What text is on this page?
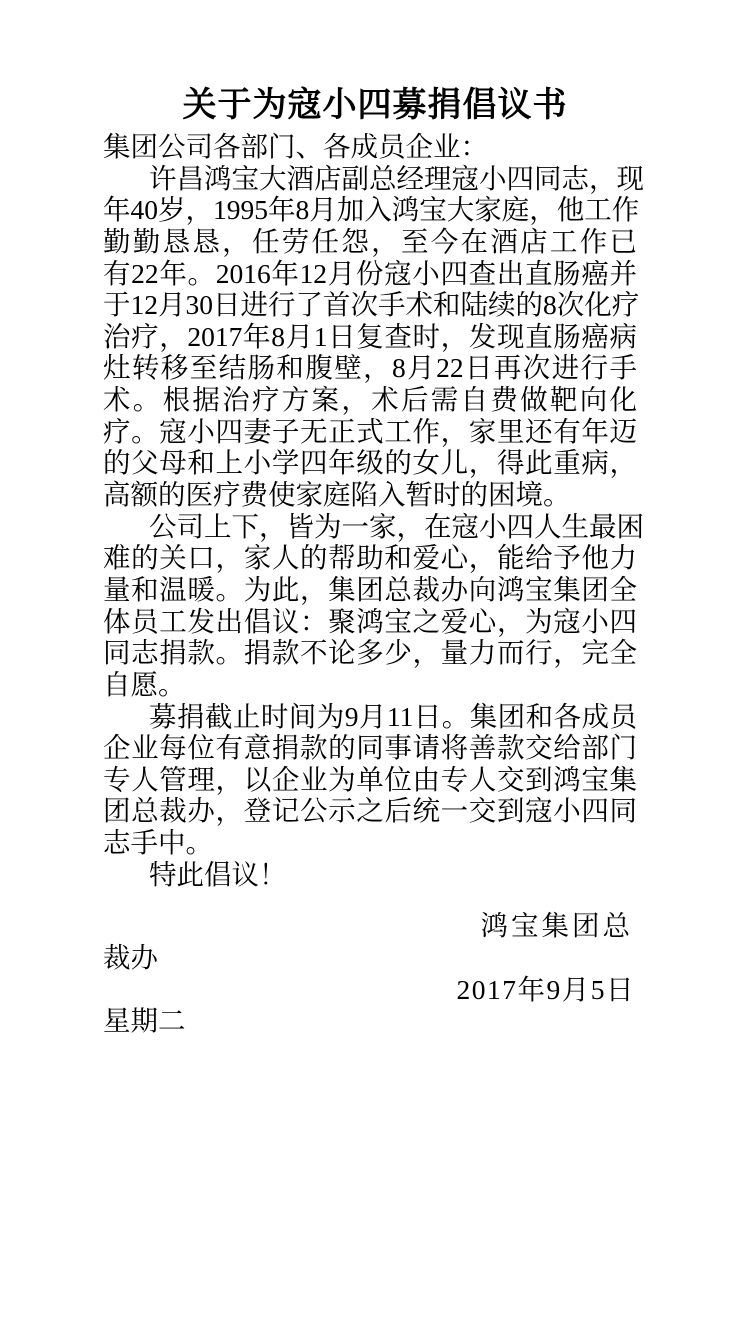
关于为寇小四募捐倡议书
集团公司各部门、各成员企业：
许昌鸿宝大酒店副总经理寇小四同志，现
年40岁，1995年8月加入鸿宝大家庭，他工作
勤勤恳恳，任劳任怨，至今在酒店工作已
有22年。2016年12月份寇小四查出直肠癌并
于12月30日进行了首次手术和陆续的8次化疗
治疗，2017年8月1日复查时，发现直肠癌病
灶转移至结肠和腹壁，8月22日再次进行手
术。根据治疗方案，术后需自费做靶向化
疗。寇小四妻子无正式工作，家里还有年迈
的父母和上小学四年级的女儿，得此重病，
高额的医疗费使家庭陷入暂时的困境。
公司上下，皆为一家，在寇小四人生最困
难的关口，家人的帮助和爱心，能给予他力
量和温暖。为此，集团总裁办向鸿宝集团全
体员工发出倡议：聚鸿宝之爱心，为寇小四
同志捐款。捐款不论多少，量力而行，完全
自愿。
募捐截止时间为9月11日。集团和各成员
企业每位有意捐款的同事请将善款交给部门
专人管理，以企业为单位由专人交到鸿宝集
团总裁办，登记公示之后统一交到寇小四同
志手中。
特此倡议！
鸿宝集团总
裁办
2017年9月5日
星期二
